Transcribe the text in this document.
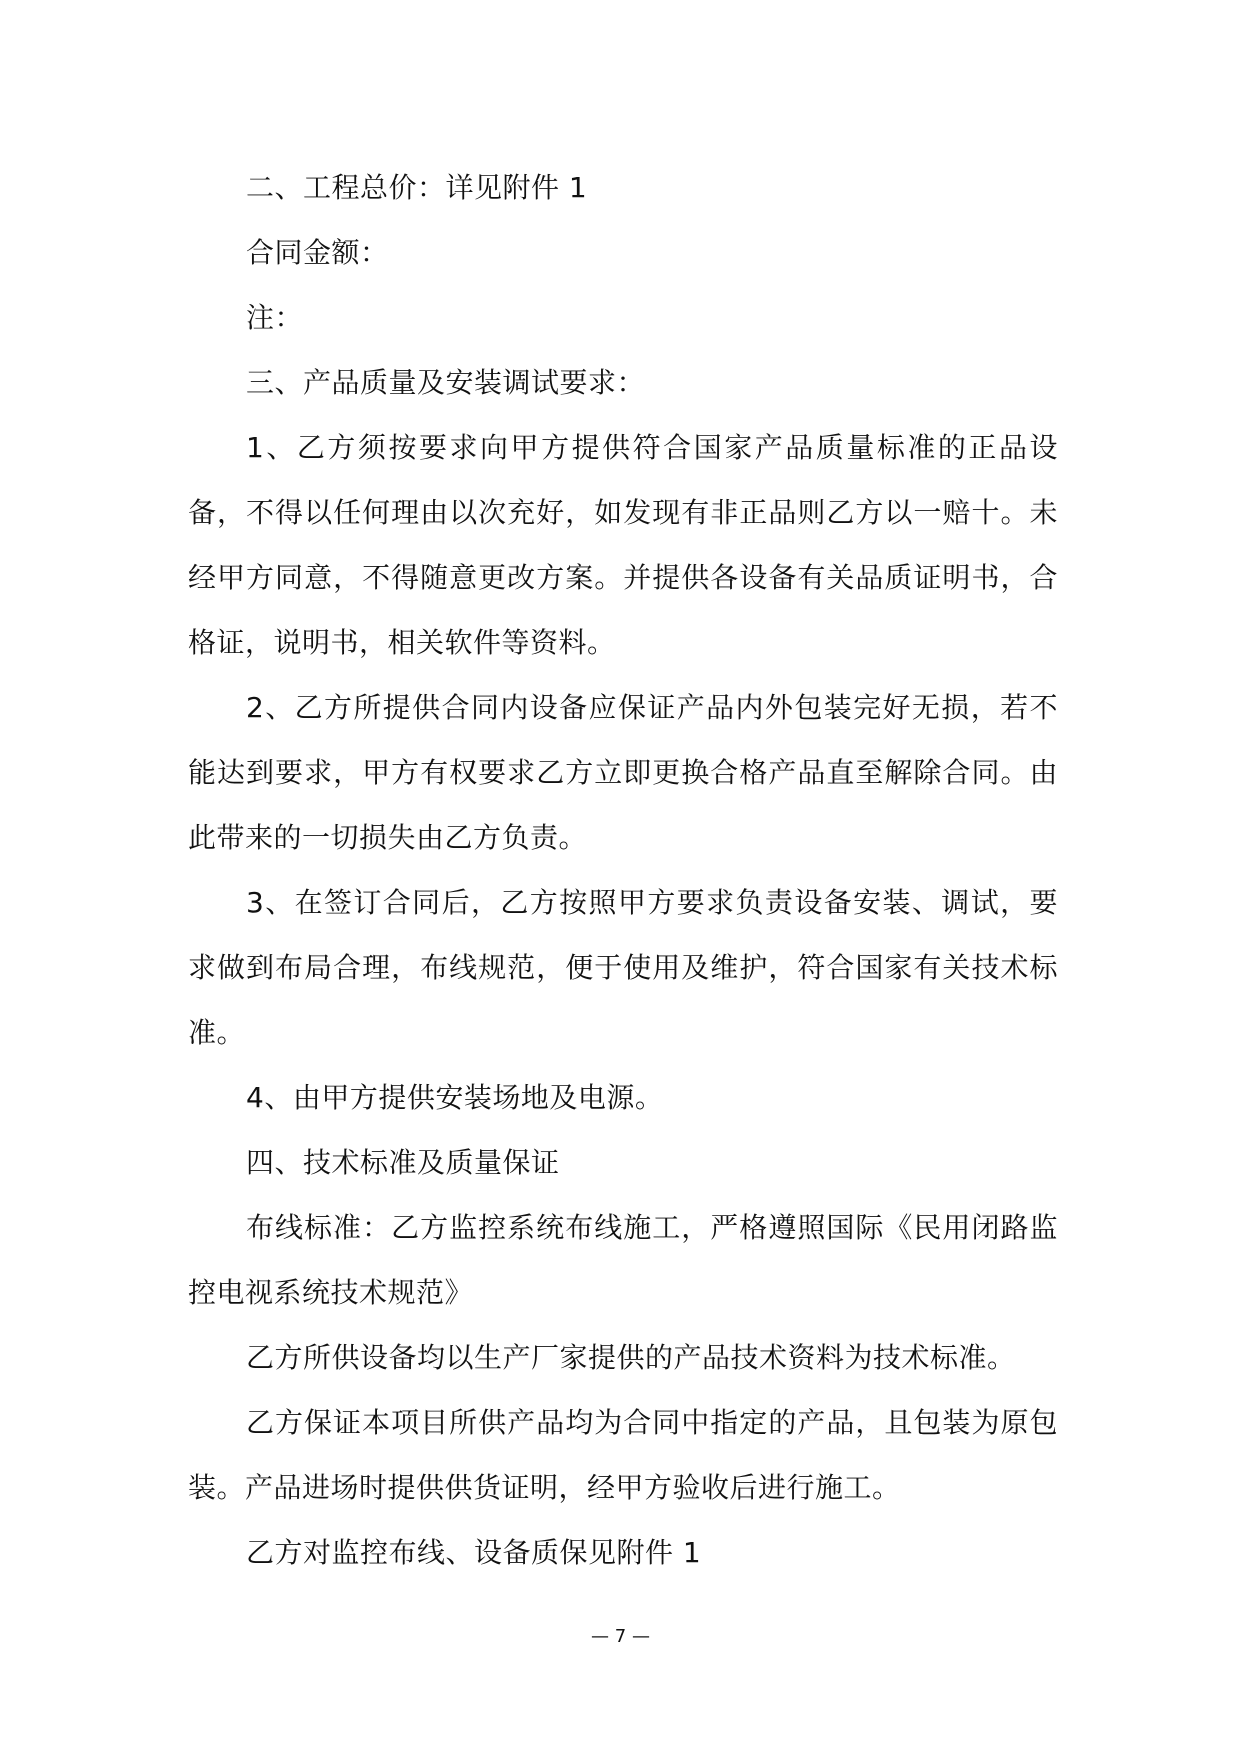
二、工程总价：详见附件 1

合同金额：

注：

三、产品质量及安装调试要求：

1、乙方须按要求向甲方提供符合国家产品质量标准的正品设备，不得以任何理由以次充好，如发现有非正品则乙方以一赔十。未经甲方同意，不得随意更改方案。并提供各设备有关品质证明书，合格证，说明书，相关软件等资料。

2、乙方所提供合同内设备应保证产品内外包装完好无损，若不能达到要求，甲方有权要求乙方立即更换合格产品直至解除合同。由此带来的一切损失由乙方负责。

3、在签订合同后，乙方按照甲方要求负责设备安装、调试，要求做到布局合理，布线规范，便于使用及维护，符合国家有关技术标准。

4、由甲方提供安装场地及电源。

四、技术标准及质量保证

布线标准：乙方监控系统布线施工，严格遵照国际《民用闭路监控电视系统技术规范》

乙方所供设备均以生产厂家提供的产品技术资料为技术标准。

乙方保证本项目所供产品均为合同中指定的产品，且包装为原包装。产品进场时提供供货证明，经甲方验收后进行施工。

乙方对监控布线、设备质保见附件 1

— 7 —
